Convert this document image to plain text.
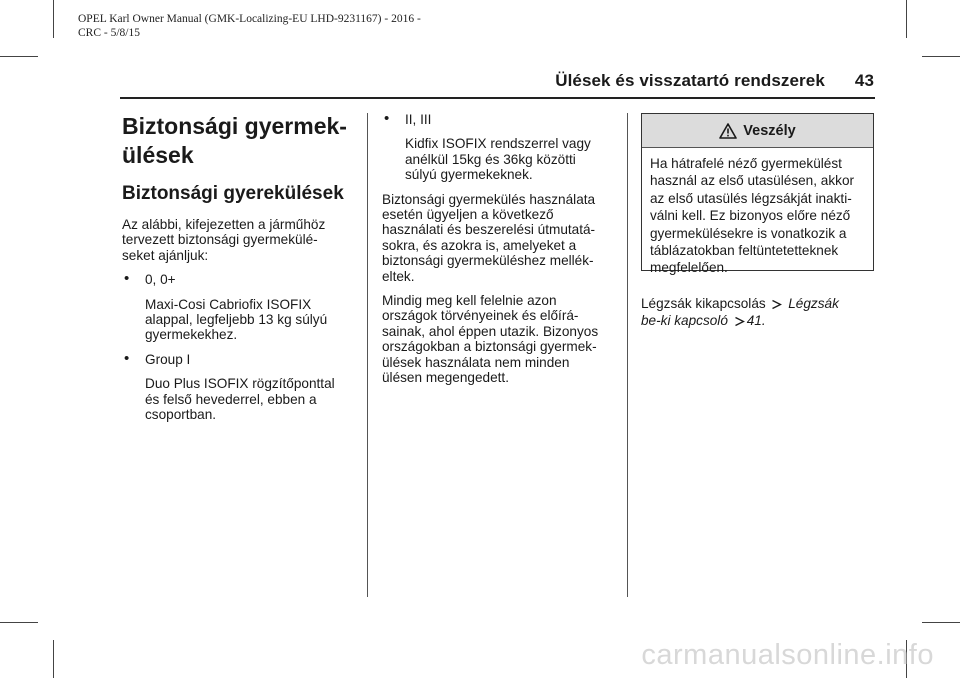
OPEL Karl Owner Manual (GMK-Localizing-EU LHD-9231167) - 2016 -
CRC - 5/8/15
Ülések és visszatartó rendszerek 43
Biztonsági gyermek-
ülések
Biztonsági gyerekülések

Az alábbi, kifejezetten a járműhöz
tervezett biztonsági gyermekülé-
seket ajánljuk:

• 0, 0+
Maxi-Cosi Cabriofix ISOFIX
alappal, legfeljebb 13 kg súlyú
gyermekekhez.
• Group I
Duo Plus ISOFIX rögzítőponttal
és felső hevederrel, ebben a
csoportban.
• II, III
Kidfix ISOFIX rendszerrel vagy
anélkül 15kg és 36kg közötti
súlyú gyermekeknek.

Biztonsági gyermekülés használata
esetén ügyeljen a következő
használati és beszerelési útmutatá-
sokra, és azokra is, amelyeket a
biztonsági gyermeküléshez mellék-
eltek.

Mindig meg kell felelnie azon
országok törvényeinek és előírá-
sainak, ahol éppen utazik. Bizonyos
országokban a biztonsági gyermek-
ülések használata nem minden
ülésen megengedett.

Veszély
Ha hátrafelé néző gyermekülést
használ az első utasülésen, akkor
az első utasülés légzsákját inakti-
válni kell. Ez bizonyos előre néző
gyermekülésekre is vonatkozik a
táblázatokban feltüntetetteknek
megfelelően.
Légzsák kikapcsolás Légzsák
be-ki kapcsoló 41.
carmanualsonline.info
